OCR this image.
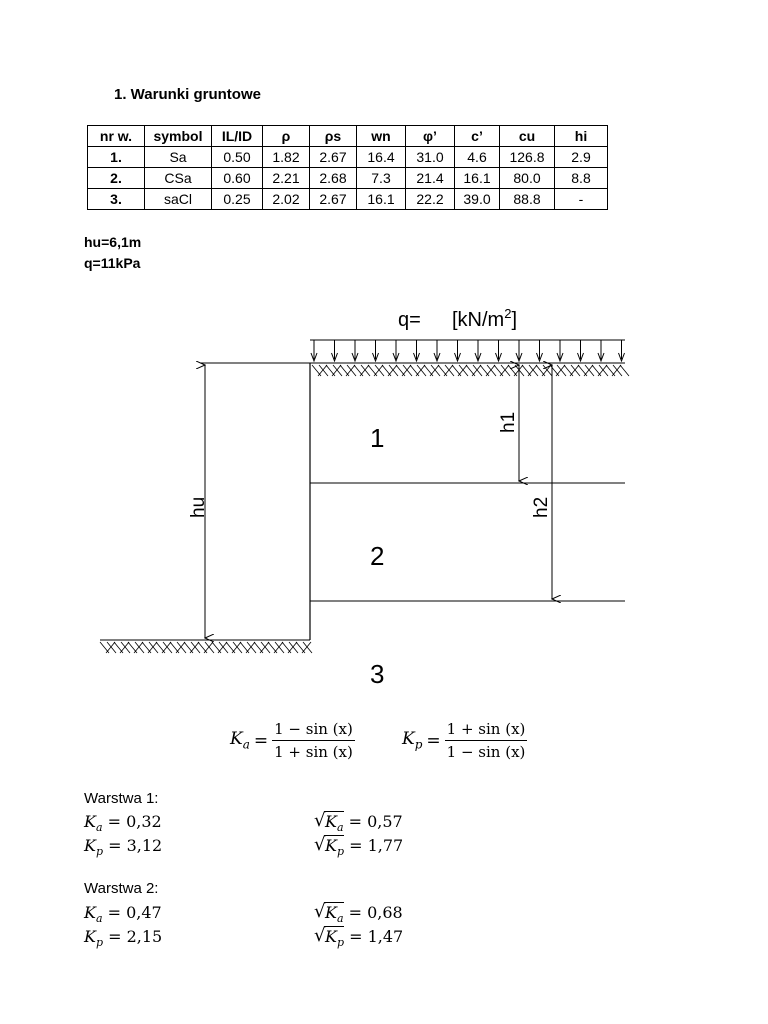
1. Warunki gruntowe
nr w.	symbol	IL/ID	ρ	ρs	wn	φ’	c’	cu	hi
1.	Sa	0.50	1.82	2.67	16.4	31.0	4.6	126.8	2.9
2.	CSa	0.60	2.21	2.68	7.3	21.4	16.1	80.0	8.8
3.	saCl	0.25	2.02	2.67	16.1	22.2	39.0	88.8	-
hu=6,1m
q=11kPa
$q= [kN/m^2]$
hu
h1
h2
1
2
3
$K_a = \frac{1 - \sin (x)}{1 + \sin (x)}$	$K_p = \frac{1 + \sin (x)}{1 - \sin (x)}$
Warstwa 1:
$K_a = 0,32$
$K_p = 3,12$
√ $K_a = 0,57$
√ $K_p = 1,77$
Warstwa 2:
$K_a = 0,47$
$K_p = 2,15$
√ $K_a = 0,68$
√ $K_p = 1,47$
